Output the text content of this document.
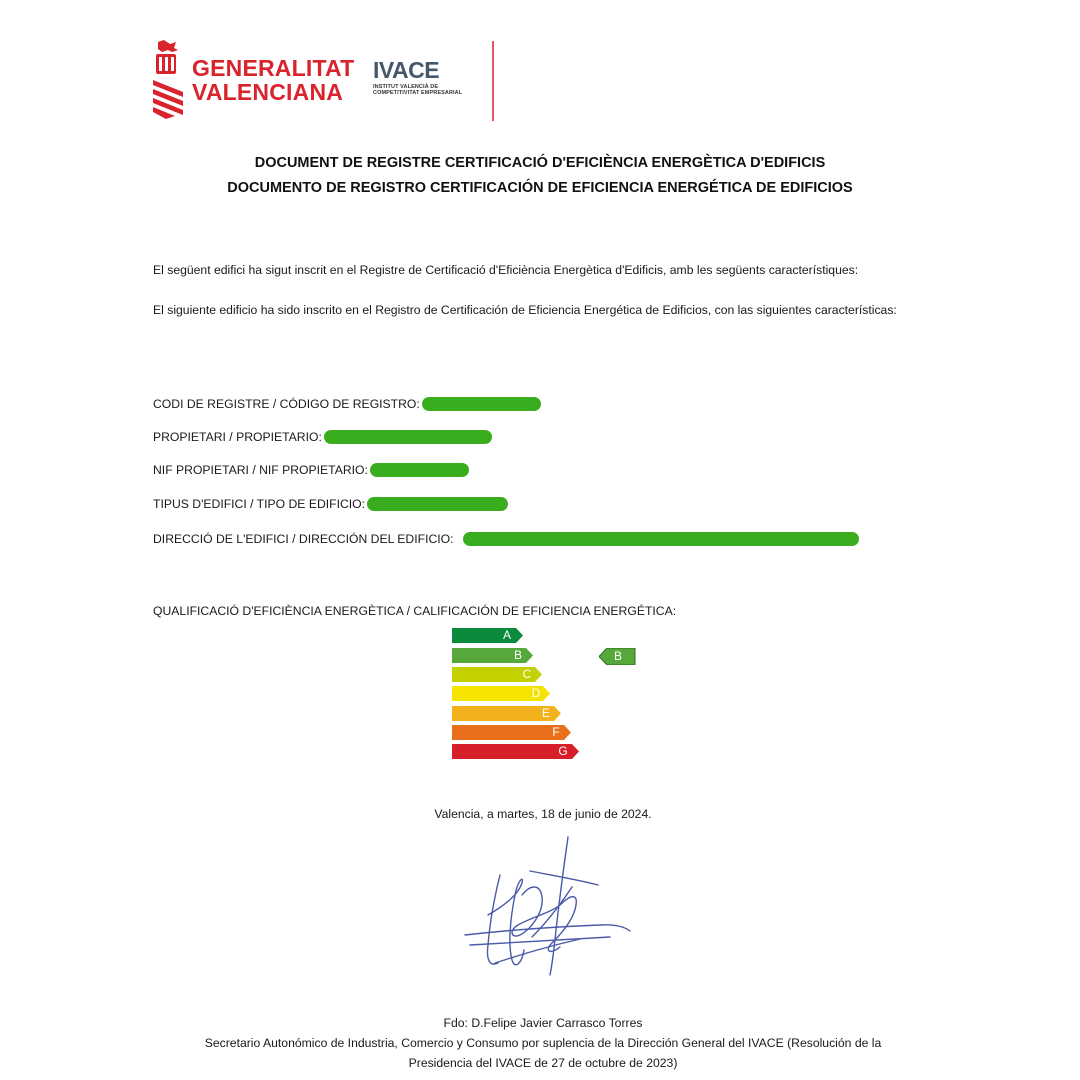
GENERALITAT
VALENCIANA
IVACE
INSTITUT VALENCIÀ DE
COMPETITIVITAT EMPRESARIAL
DOCUMENT DE REGISTRE CERTIFICACIÓ D'EFICIÈNCIA ENERGÈTICA D'EDIFICIS
DOCUMENTO DE REGISTRO CERTIFICACIÓN DE EFICIENCIA ENERGÉTICA DE EDIFICIOS
El següent edifici ha sigut inscrit en el Registre de Certificació d'Eficiència Energètica d'Edificis, amb les següents característiques:
El siguiente edificio ha sido inscrito en el Registro de Certificación de Eficiencia Energética de Edificios, con las siguientes características:
CODI DE REGISTRE / CÓDIGO DE REGISTRO:
PROPIETARI / PROPIETARIO:
NIF PROPIETARI / NIF PROPIETARIO:
TIPUS D'EDIFICI / TIPO DE EDIFICIO:
DIRECCIÓ DE L'EDIFICI / DIRECCIÓN DEL EDIFICIO:
QUALIFICACIÓ D'EFICIÈNCIA ENERGÈTICA / CALIFICACIÓN DE EFICIENCIA ENERGÉTICA:
A
B
C
D
E
F
G
B
Valencia, a martes, 18 de junio de 2024.
Fdo: D.Felipe Javier Carrasco Torres
Secretario Autonómico de Industria, Comercio y Consumo por suplencia de la Dirección General del IVACE (Resolución de la
Presidencia del IVACE de 27 de octubre de 2023)
